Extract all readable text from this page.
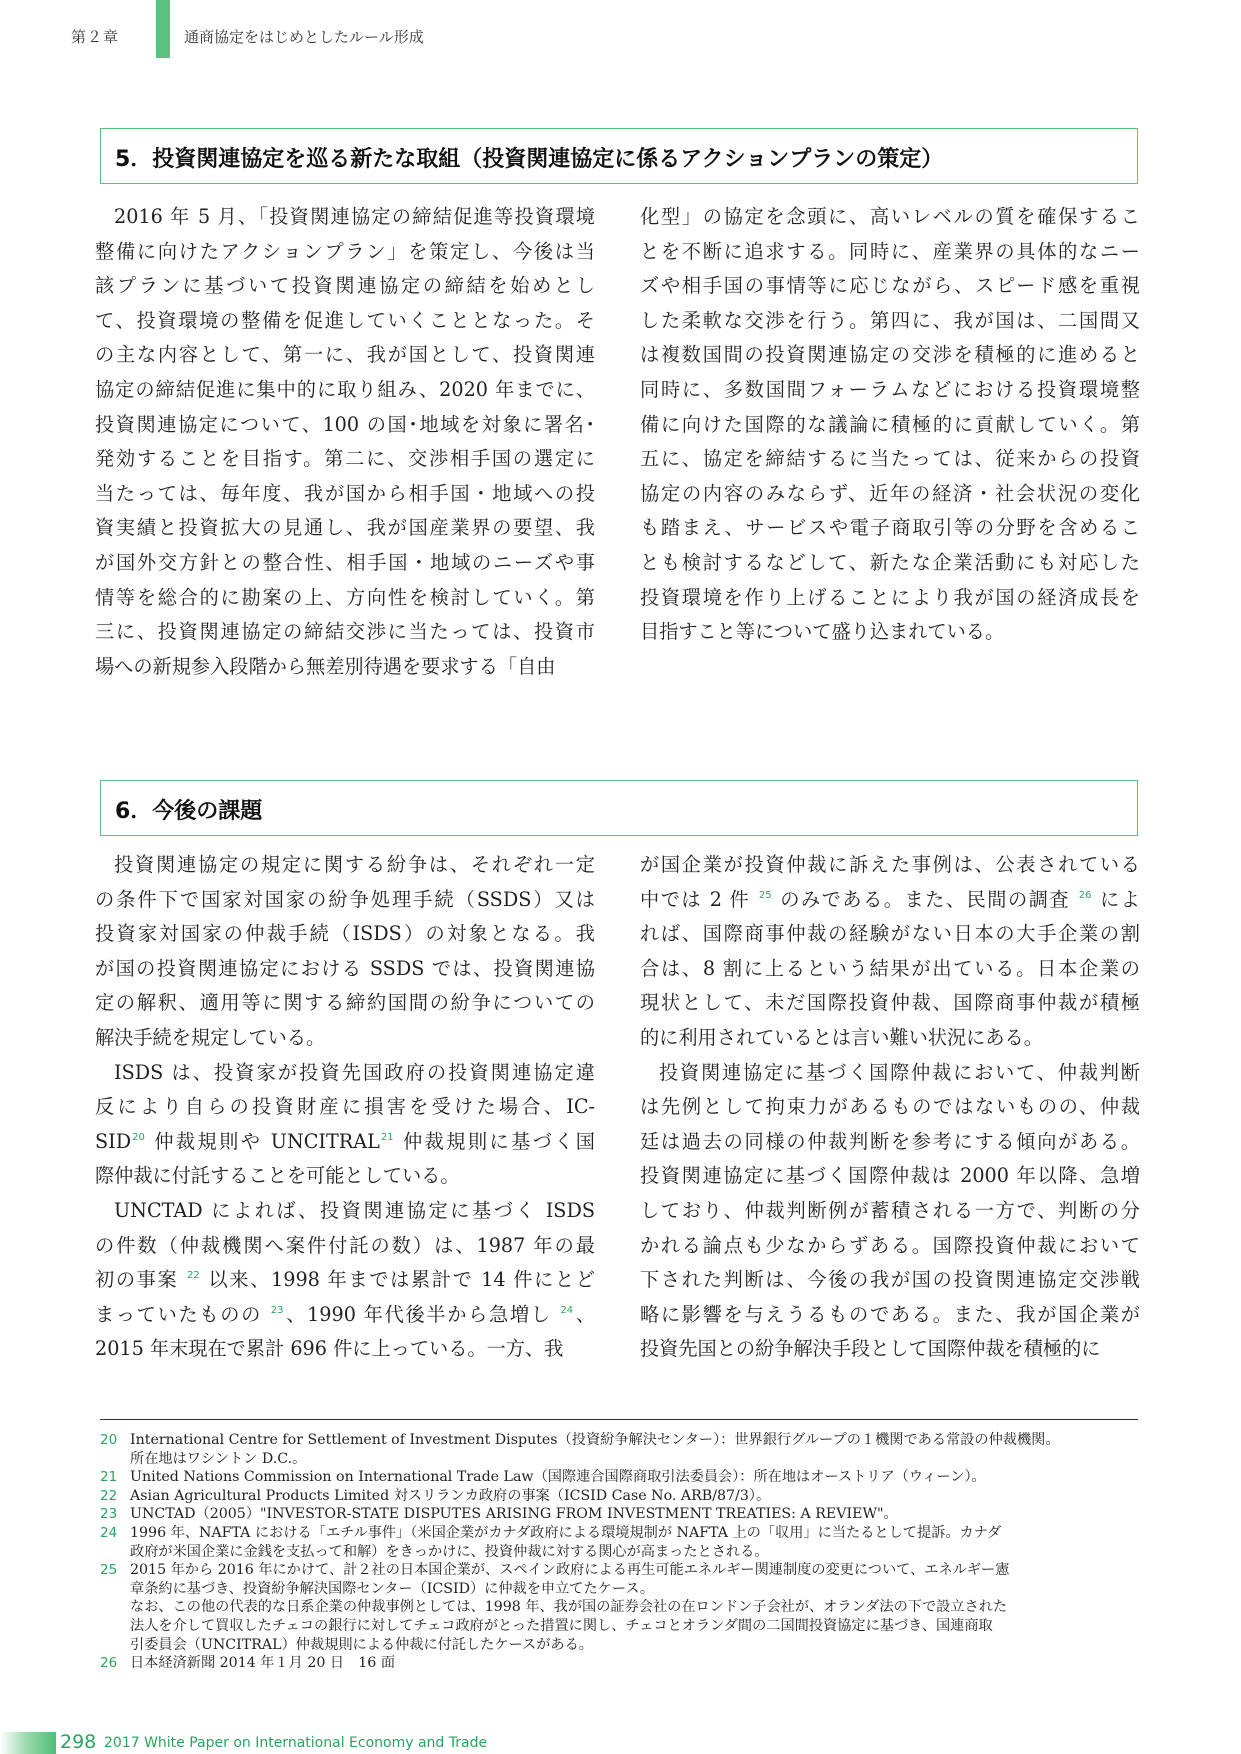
第２章	通商協定をはじめとしたルール形成
5．投資関連協定を巡る新たな取組（投資関連協定に係るアクションプランの策定）
2016 年 5 月、「投資関連協定の締結促進等投資環境
整備に向けたアクションプラン」を策定し、今後は当
該プランに基づいて投資関連協定の締結を始めとし
て、投資環境の整備を促進していくこととなった。そ
の主な内容として、第一に、我が国として、投資関連
協定の締結促進に集中的に取り組み、2020 年までに、
投資関連協定について、100 の国･地域を対象に署名･
発効することを目指す。第二に、交渉相手国の選定に
当たっては、毎年度、我が国から相手国・地域への投
資実績と投資拡大の見通し、我が国産業界の要望、我
が国外交方針との整合性、相手国・地域のニーズや事
情等を総合的に勘案の上、方向性を検討していく。第
三に、投資関連協定の締結交渉に当たっては、投資市
場への新規参入段階から無差別待遇を要求する「自由
化型」の協定を念頭に、高いレベルの質を確保するこ
とを不断に追求する。同時に、産業界の具体的なニー
ズや相手国の事情等に応じながら、スピード感を重視
した柔軟な交渉を行う。第四に、我が国は、二国間又
は複数国間の投資関連協定の交渉を積極的に進めると
同時に、多数国間フォーラムなどにおける投資環境整
備に向けた国際的な議論に積極的に貢献していく。第
五に、協定を締結するに当たっては、従来からの投資
協定の内容のみならず、近年の経済・社会状況の変化
も踏まえ、サービスや電子商取引等の分野を含めるこ
とも検討するなどして、新たな企業活動にも対応した
投資環境を作り上げることにより我が国の経済成長を
目指すこと等について盛り込まれている。
6．今後の課題
投資関連協定の規定に関する紛争は、それぞれ一定
の条件下で国家対国家の紛争処理手続（SSDS）又は
投資家対国家の仲裁手続（ISDS）の対象となる。我
が国の投資関連協定における SSDS では、投資関連協
定の解釈、適用等に関する締約国間の紛争についての
解決手続を規定している。
ISDS は、投資家が投資先国政府の投資関連協定違
反により自らの投資財産に損害を受けた場合、IC-
SID$^{20}$ 仲裁規則や UNCITRAL$^{21}$ 仲裁規則に基づく国
際仲裁に付託することを可能としている。
UNCTAD によれば、投資関連協定に基づく ISDS
の件数（仲裁機関へ案件付託の数）は、1987 年の最
初の事案 $^{22}$ 以来、1998 年までは累計で 14 件にとど
まっていたものの $^{23}$、1990 年代後半から急増し $^{24}$、
2015 年末現在で累計 696 件に上っている。一方、我
が国企業が投資仲裁に訴えた事例は、公表されている
中では 2 件 $^{25}$ のみである。また、民間の調査 $^{26}$ によ
れば、国際商事仲裁の経験がない日本の大手企業の割
合は、8 割に上るという結果が出ている。日本企業の
現状として、未だ国際投資仲裁、国際商事仲裁が積極
的に利用されているとは言い難い状況にある。
投資関連協定に基づく国際仲裁において、仲裁判断
は先例として拘束力があるものではないものの、仲裁
廷は過去の同様の仲裁判断を参考にする傾向がある。
投資関連協定に基づく国際仲裁は 2000 年以降、急増
しており、仲裁判断例が蓄積される一方で、判断の分
かれる論点も少なからずある。国際投資仲裁において
下された判断は、今後の我が国の投資関連協定交渉戦
略に影響を与えうるものである。また、我が国企業が
投資先国との紛争解決手段として国際仲裁を積極的に
20 International Centre for Settlement of Investment Disputes（投資紛争解決センター）：世界銀行グループの１機関である常設の仲裁機関。
所在地はワシントン D.C.。
21 United Nations Commission on International Trade Law（国際連合国際商取引法委員会）：所在地はオーストリア（ウィーン）。
22 Asian Agricultural Products Limited 対スリランカ政府の事案（ICSID Case No. ARB/87/3）。
23 UNCTAD（2005）"INVESTOR-STATE DISPUTES ARISING FROM INVESTMENT TREATIES: A REVIEW"。
24 1996 年、NAFTA における「エチル事件」（米国企業がカナダ政府による環境規制が NAFTA 上の「収用」に当たるとして提訴。カナダ
政府が米国企業に金銭を支払って和解）をきっかけに、投資仲裁に対する関心が高まったとされる。
25 2015 年から 2016 年にかけて、計２社の日本国企業が、スペイン政府による再生可能エネルギー関連制度の変更について、エネルギー憲
章条約に基づき、投資紛争解決国際センター（ICSID）に仲裁を申立てたケース。
なお、この他の代表的な日系企業の仲裁事例としては、1998 年、我が国の証券会社の在ロンドン子会社が、オランダ法の下で設立された
法人を介して買収したチェコの銀行に対してチェコ政府がとった措置に関し、チェコとオランダ間の二国間投資協定に基づき、国連商取
引委員会（UNCITRAL）仲裁規則による仲裁に付託したケースがある。
26 日本経済新聞 2014 年１月 20 日　16 面
298 2017 White Paper on International Economy and Trade
